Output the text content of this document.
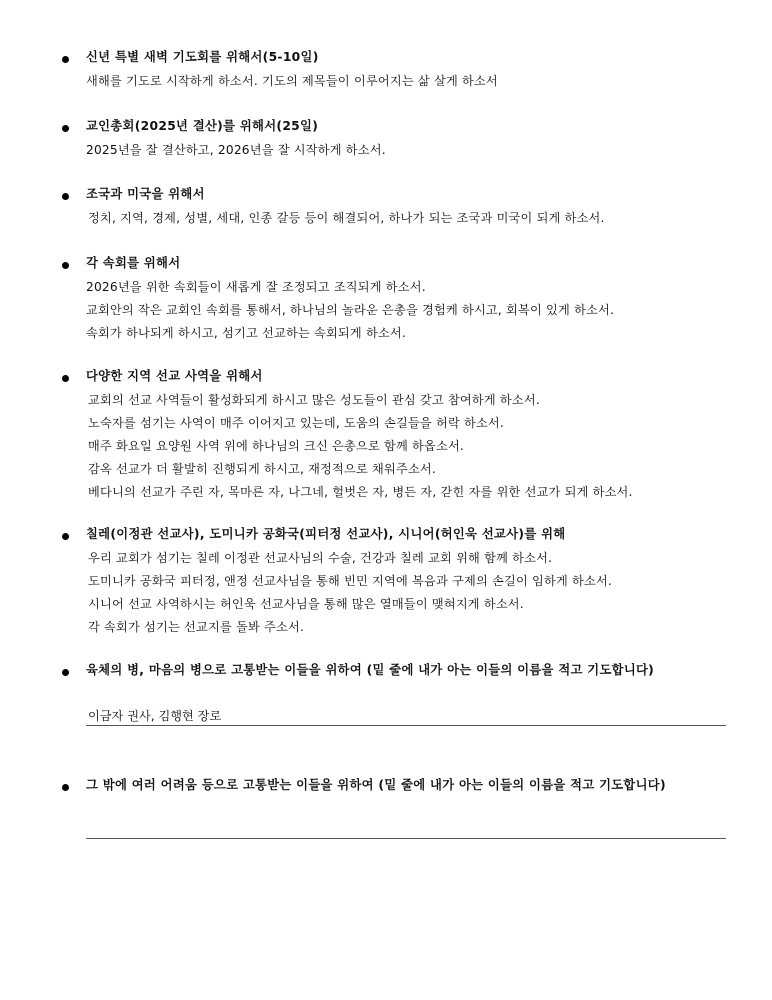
신년 특별 새벽 기도회를 위해서(5-10일)
새해를 기도로 시작하게 하소서. 기도의 제목들이 이루어지는 삶 살게 하소서
교인총회(2025년 결산)를 위해서(25일)
2025년을 잘 결산하고, 2026년을 잘 시작하게 하소서.
조국과 미국을 위해서
정치, 지역, 경제, 성별, 세대, 인종 갈등 등이 해결되어, 하나가 되는 조국과 미국이 되게 하소서.
각 속회를 위해서
2026년을 위한 속회들이 새롭게 잘 조정되고 조직되게 하소서.
교회안의 작은 교회인 속회를 통해서, 하나님의 놀라운 은총을 경험케 하시고, 회복이 있게 하소서.
속회가 하나되게 하시고, 섬기고 선교하는 속회되게 하소서.
다양한 지역 선교 사역을 위해서
교회의 선교 사역들이 활성화되게 하시고 많은 성도들이 관심 갖고 참여하게 하소서.
노숙자를 섬기는 사역이 매주 이어지고 있는데, 도움의 손길들을 허락 하소서.
매주 화요일 요양원 사역 위에 하나님의 크신 은총으로 함께 하옵소서.
감옥 선교가 더 활발히 진행되게 하시고, 재정적으로 채워주소서.
베다니의 선교가 주린 자, 목마른 자, 나그네, 헐벗은 자, 병든 자, 갇힌 자를 위한 선교가 되게 하소서.
칠레(이정관 선교사), 도미니카 공화국(피터정 선교사), 시니어(허인욱 선교사)를 위해
우리 교회가 섬기는 칠레 이정관 선교사님의 수술, 건강과 칠레 교회 위해 함께 하소서.
도미니카 공화국 피터정, 앤정 선교사님을 통해 빈민 지역에 복음과 구제의 손길이 임하게 하소서.
시니어 선교 사역하시는 허인욱 선교사님을 통해 많은 열매들이 맺혀지게 하소서.
각 속회가 섬기는 선교지를 돌봐 주소서.
육체의 병, 마음의 병으로 고통받는 이들을 위하여 (밑 줄에 내가 아는 이들의 이름을 적고 기도합니다)
이금자 권사, 김행현 장로
그 밖에 여러 어려움 등으로 고통받는 이들을 위하여 (밑 줄에 내가 아는 이들의 이름을 적고 기도합니다)
